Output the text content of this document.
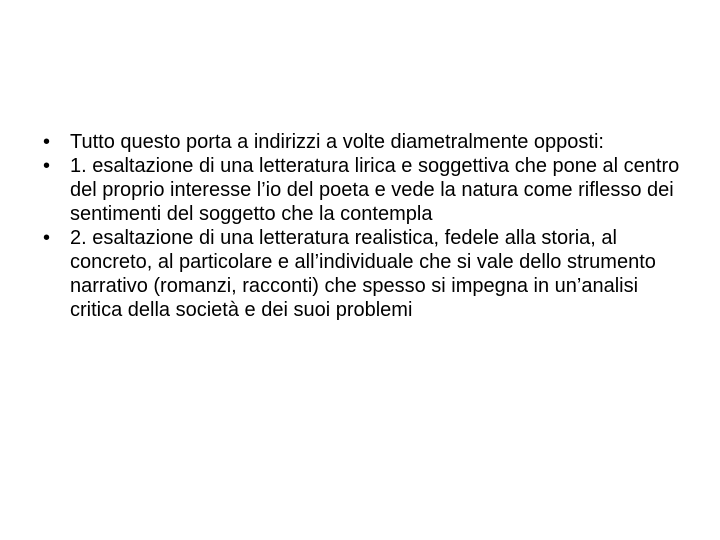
• Tutto questo porta a indirizzi a volte diametralmente opposti:
• 1. esaltazione di una letteratura lirica e soggettiva che pone al centro del proprio interesse l’io del poeta e vede la natura come riflesso dei sentimenti del soggetto che la contempla
• 2. esaltazione di una letteratura realistica, fedele alla storia, al concreto, al particolare e all’individuale che si vale dello strumento narrativo (romanzi, racconti) che spesso si impegna in un’analisi critica della società e dei suoi problemi
